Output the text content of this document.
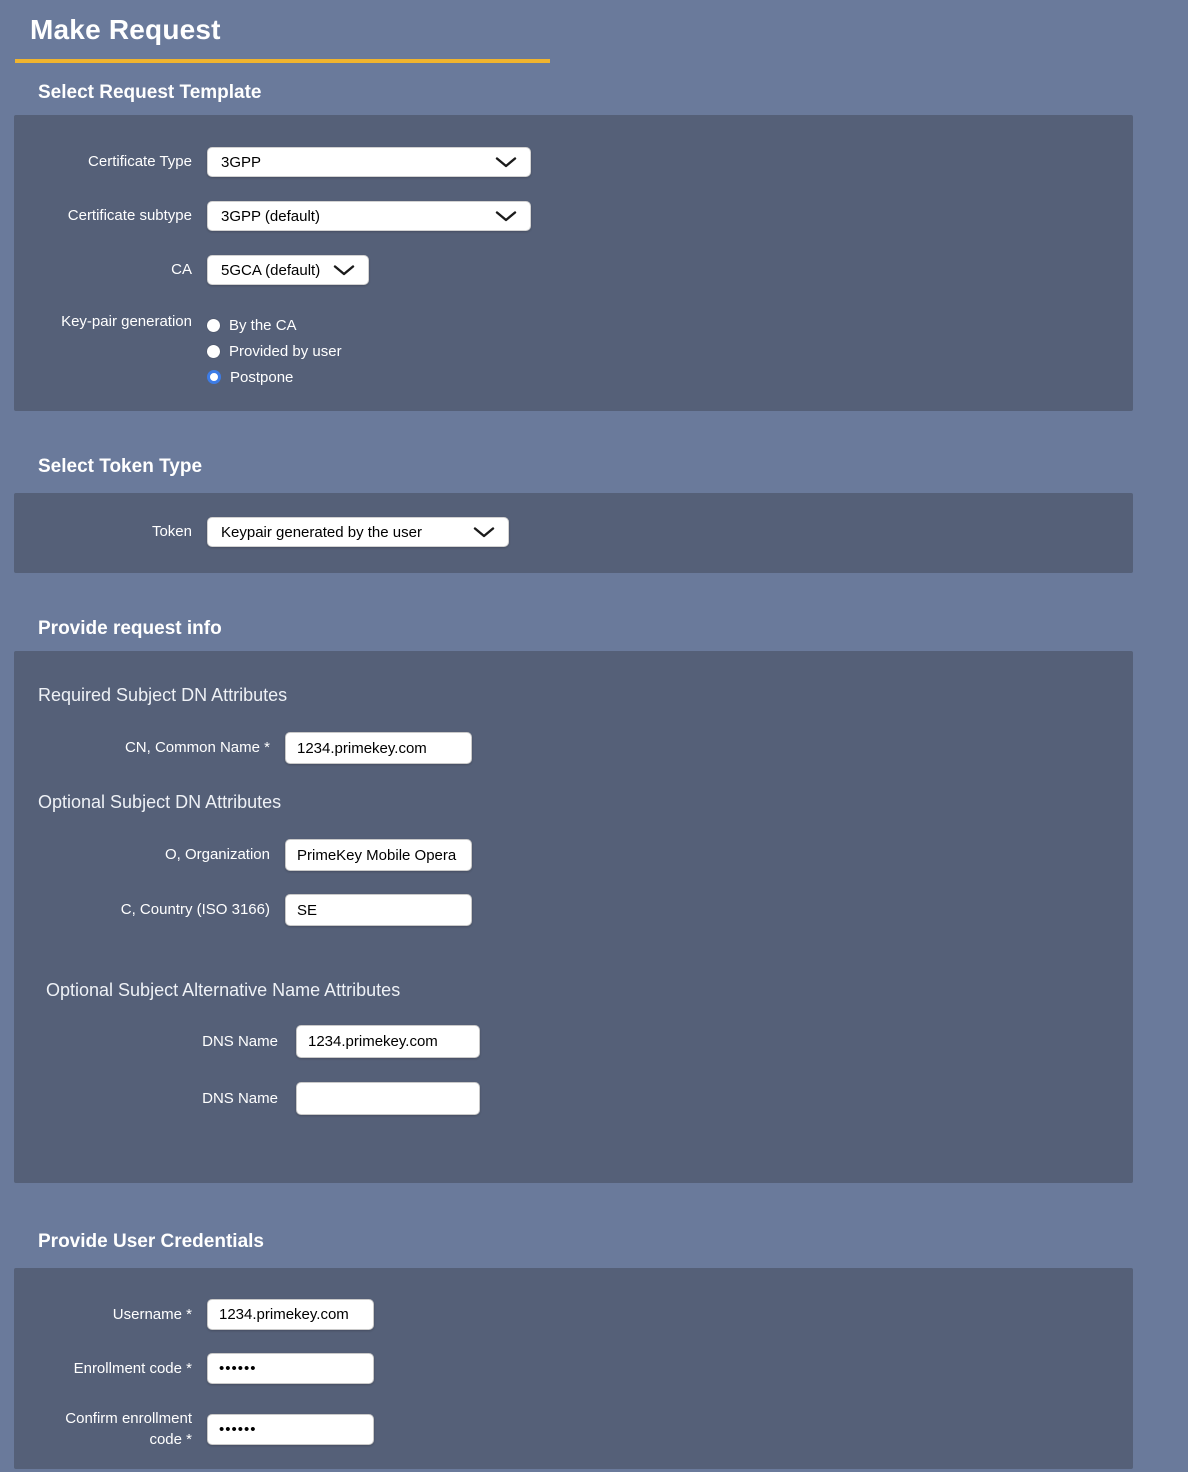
Make Request
Select Request Template
Certificate Type 3GPP
Certificate subtype 3GPP (default)
CA 5GCA (default)
Key-pair generation By the CA
Provided by user
Postpone
Select Token Type
Token Keypair generated by the user
Provide request info
Required Subject DN Attributes
CN, Common Name *
1234.primekey.com
Optional Subject DN Attributes
O, Organization
PrimeKey Mobile Opera
C, Country (ISO 3166)
SE
Optional Subject Alternative Name Attributes
DNS Name
1234.primekey.com
DNS Name
Provide User Credentials
Username *
1234.primekey.com
Enrollment code *
••••••
Confirm enrollment code *
••••••
